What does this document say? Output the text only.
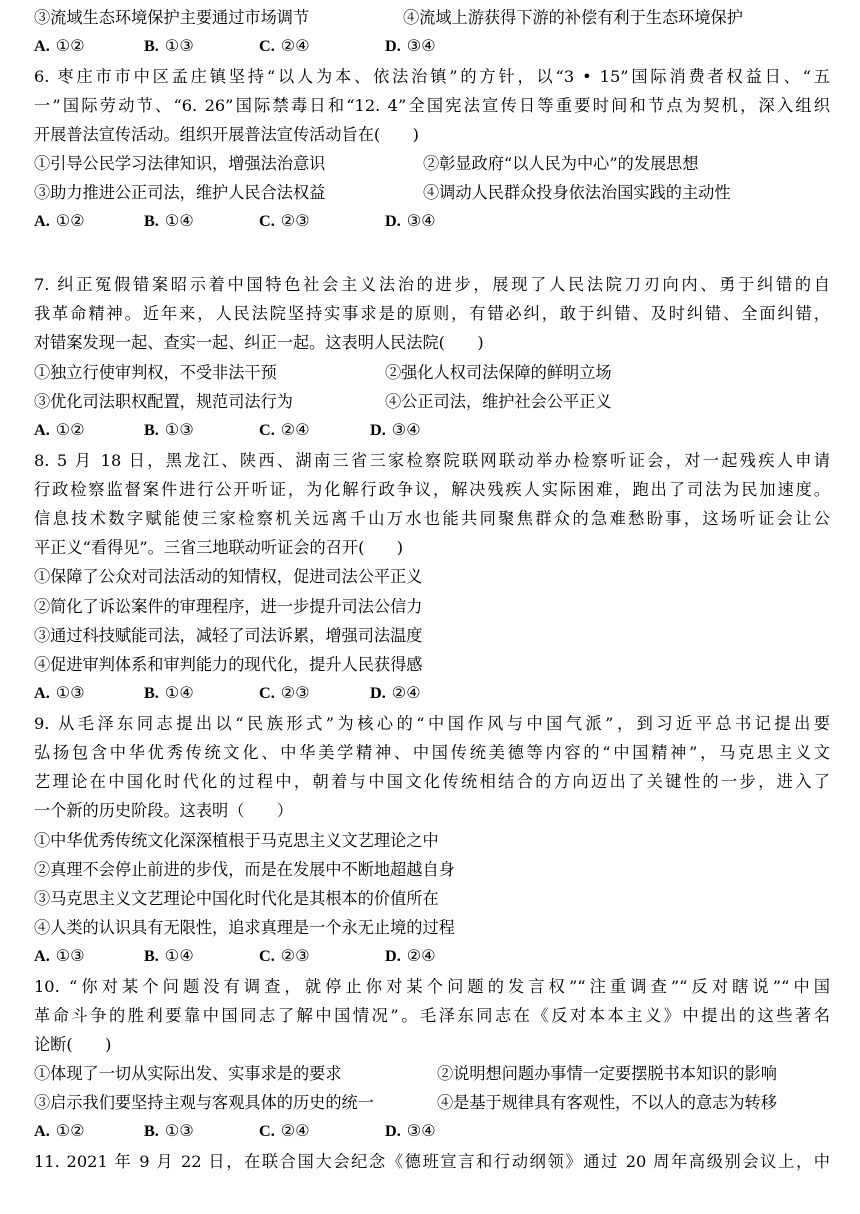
③流域生态环境保护主要通过市场调节	④流域上游获得下游的补偿有利于生态环境保护
A. ①②	B. ①③	C. ②④	D. ③④
6. 枣庄市市中区孟庄镇坚持“以人为本、依法治镇”的方针，以“3 • 15”国际消费者权益日、“五
一”国际劳动节、“6. 26”国际禁毒日和“12. 4”全国宪法宣传日等重要时间和节点为契机，深入组织
开展普法宣传活动。组织开展普法宣传活动旨在(　　)
①引导公民学习法律知识，增强法治意识	②彰显政府“以人民为中心”的发展思想
③助力推进公正司法，维护人民合法权益	④调动人民群众投身依法治国实践的主动性
A. ①②	B. ①④	C. ②③	D. ③④
7. 纠正冤假错案昭示着中国特色社会主义法治的进步，展现了人民法院刀刃向内、勇于纠错的自
我革命精神。近年来，人民法院坚持实事求是的原则，有错必纠，敢于纠错、及时纠错、全面纠错，
对错案发现一起、查实一起、纠正一起。这表明人民法院(　　)
①独立行使审判权，不受非法干预	②强化人权司法保障的鲜明立场
③优化司法职权配置，规范司法行为	④公正司法，维护社会公平正义
A. ①②	B. ①③	C. ②④	D. ③④
8. 5 月 18 日，黑龙江、陕西、湖南三省三家检察院联网联动举办检察听证会，对一起残疾人申请
行政检察监督案件进行公开听证，为化解行政争议，解决残疾人实际困难，跑出了司法为民加速度。
信息技术数字赋能使三家检察机关远离千山万水也能共同聚焦群众的急难愁盼事，这场听证会让公
平正义“看得见”。三省三地联动听证会的召开(　　)
①保障了公众对司法活动的知情权，促进司法公平正义
②简化了诉讼案件的审理程序，进一步提升司法公信力
③通过科技赋能司法，减轻了司法诉累，增强司法温度
④促进审判体系和审判能力的现代化，提升人民获得感
A. ①③	B. ①④	C. ②③	D. ②④
9. 从毛泽东同志提出以“民族形式”为核心的“中国作风与中国气派”，到习近平总书记提出要
弘扬包含中华优秀传统文化、中华美学精神、中国传统美德等内容的“中国精神”，马克思主义文
艺理论在中国化时代化的过程中，朝着与中国文化传统相结合的方向迈出了关键性的一步，进入了
一个新的历史阶段。这表明（　　）
①中华优秀传统文化深深植根于马克思主义文艺理论之中
②真理不会停止前进的步伐，而是在发展中不断地超越自身
③马克思主义文艺理论中国化时代化是其根本的价值所在
④人类的认识具有无限性，追求真理是一个永无止境的过程
A. ①③	B. ①④	C. ②③	D. ②④
10. “你对某个问题没有调查，就停止你对某个问题的发言权”“注重调查”“反对瞎说”“中国
革命斗争的胜利要靠中国同志了解中国情况”。毛泽东同志在《反对本本主义》中提出的这些著名
论断(　　)
①体现了一切从实际出发、实事求是的要求	②说明想问题办事情一定要摆脱书本知识的影响
③启示我们要坚持主观与客观具体的历史的统一	④是基于规律具有客观性，不以人的意志为转移
A. ①②	B. ①③	C. ②④	D. ③④
11. 2021 年 9 月 22 日，在联合国大会纪念《德班宣言和行动纲领》通过 20 周年高级别会议上，中
